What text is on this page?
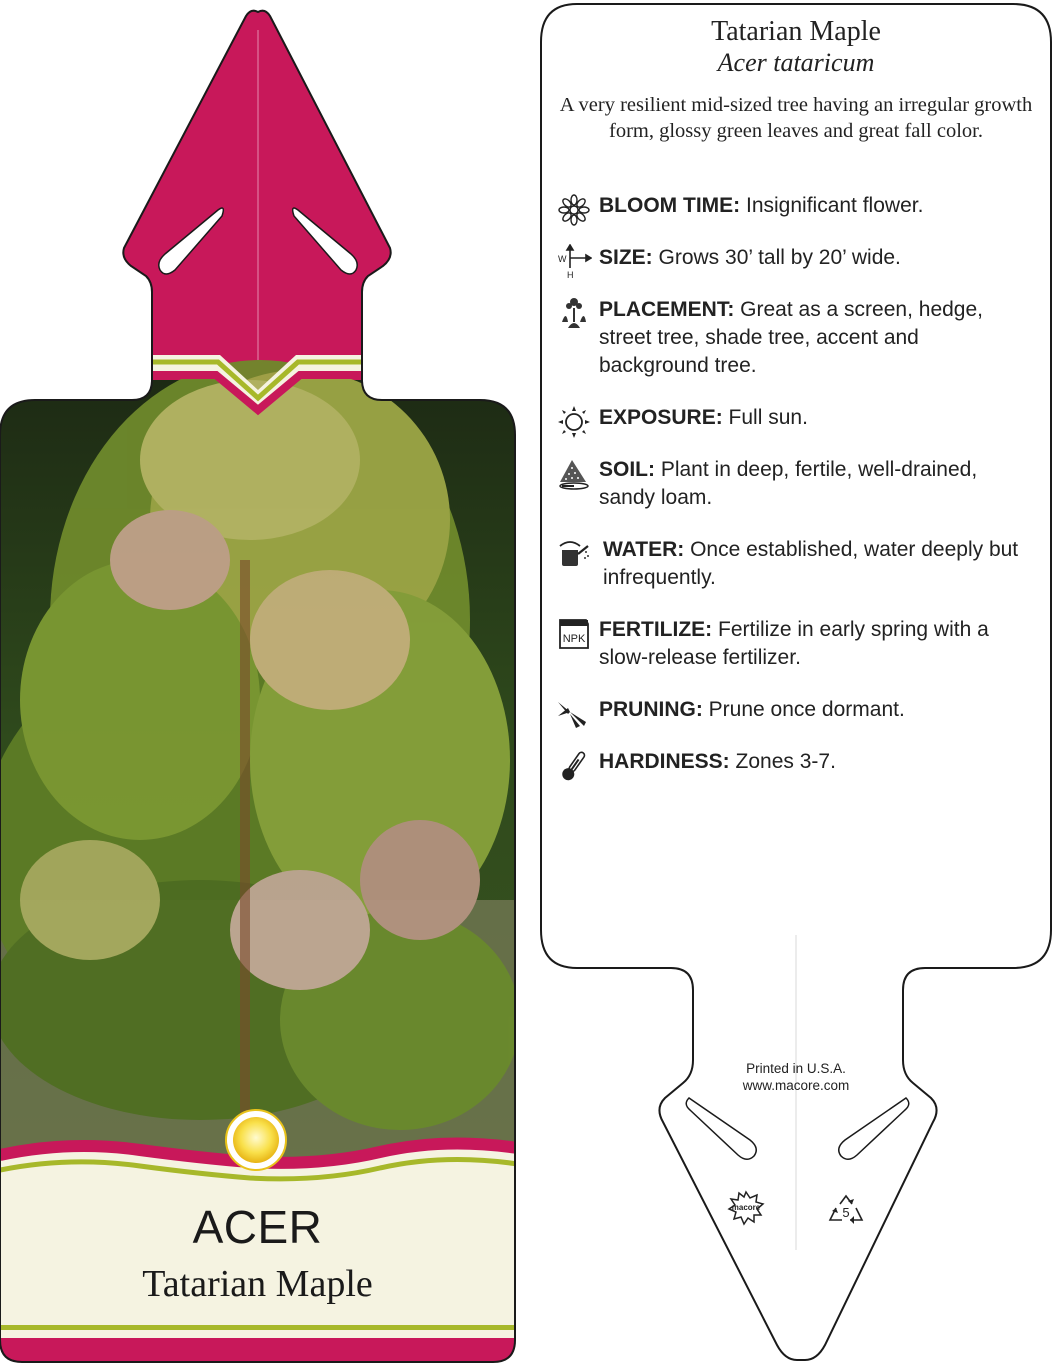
ACER
Tatarian Maple
Tatarian Maple
Acer tataricum
A very resilient mid-sized tree having an irregular growth form, glossy green leaves and great fall color.
BLOOM TIME: Insignificant flower.
W
H
SIZE: Grows 30’ tall by 20’ wide.
PLACEMENT: Great as a screen, hedge, street tree, shade tree, accent and background tree.
EXPOSURE: Full sun.
SOIL: Plant in deep, fertile, well-drained, sandy loam.
WATER: Once established, water deeply but infrequently.
NPK FERTILIZE: Fertilize in early spring with a slow-release fertilizer.
PRUNING: Prune once dormant.
HARDINESS: Zones 3-7.
Printed in U.S.A.
www.macore.com
macore	5
